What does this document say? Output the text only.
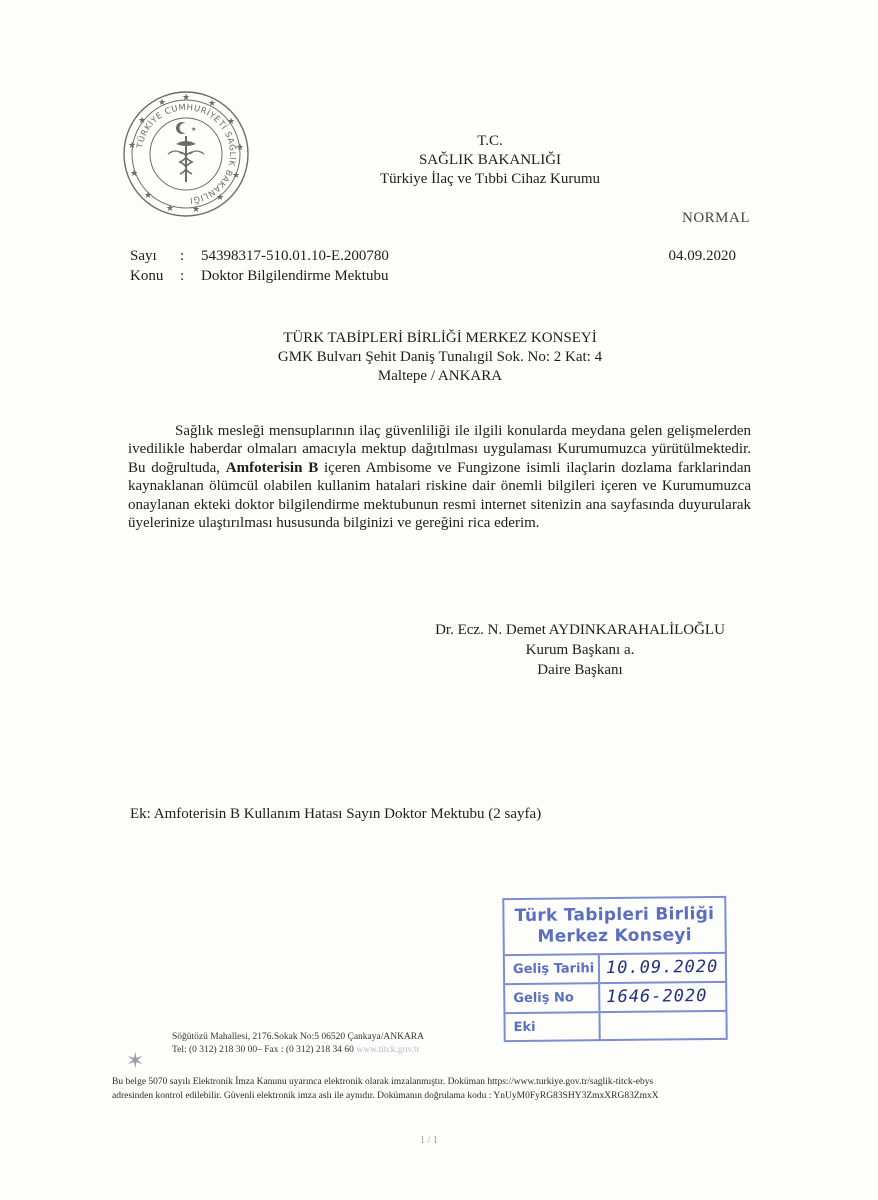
★
★
★
★
★
★
★
★
★
★
★
★
★
TÜRKİYE CUMHURİYETİ SAĞLIK BAKANLIĞI
★
T.C.
SAĞLIK BAKANLIĞI
Türkiye İlaç ve Tıbbi Cihaz Kurumu
NORMAL
Sayı : 54398317-510.01.10-E.200780
Konu : Doktor Bilgilendirme Mektubu
04.09.2020
TÜRK TABİPLERİ BİRLİĞİ MERKEZ KONSEYİ
GMK Bulvarı Şehit Daniş Tunalıgil Sok. No: 2 Kat: 4
Maltepe / ANKARA

Sağlık mesleği mensuplarının ilaç güvenliliği ile ilgili konularda meydana gelen gelişmelerden ivedilikle haberdar olmaları amacıyla mektup dağıtılması uygulaması Kurumumuzca yürütülmektedir. Bu doğrultuda, Amfoterisin B içeren Ambisome ve Fungizone isimli ilaçlarin dozlama farklarindan kaynaklanan ölümcül olabilen kullanim hatalari riskine dair önemli bilgileri içeren ve Kurumumuzca onaylanan ekteki doktor bilgilendirme mektubunun resmi internet sitenizin ana sayfasında duyurularak üyelerinize ulaştırılması hususunda bilginizi ve gereğini rica ederim.

Dr. Ecz. N. Demet AYDINKARAHALİLOĞLU
Kurum Başkanı a.
Daire Başkanı
Ek: Amfoterisin B Kullanım Hatası Sayın Doktor Mektubu (2 sayfa)
Türk Tabipleri Birliği
Merkez Konseyi
Geliş Tarihi 10.09.2020
Geliş No	1646-2020
Eki
Söğütözü Mahallesi, 2176.Sokak No:5 06520 Çankaya/ANKARA
Tel: (0 312) 218 30 00– Fax : (0 312) 218 34 60 www.titck.gov.tr
✶
Bu belge 5070 sayılı Elektronik İmza Kanunu uyarınca elektronik olarak imzalanmıştır. Doküman https://www.turkiye.gov.tr/saglik-titck-ebys
adresinden kontrol edilebilir. Güvenli elektronik imza aslı ile aynıdır. Dokümanın doğrulama kodu : YnUyM0FyRG83SHY3ZmxXRG83ZmxX
1 / 1
